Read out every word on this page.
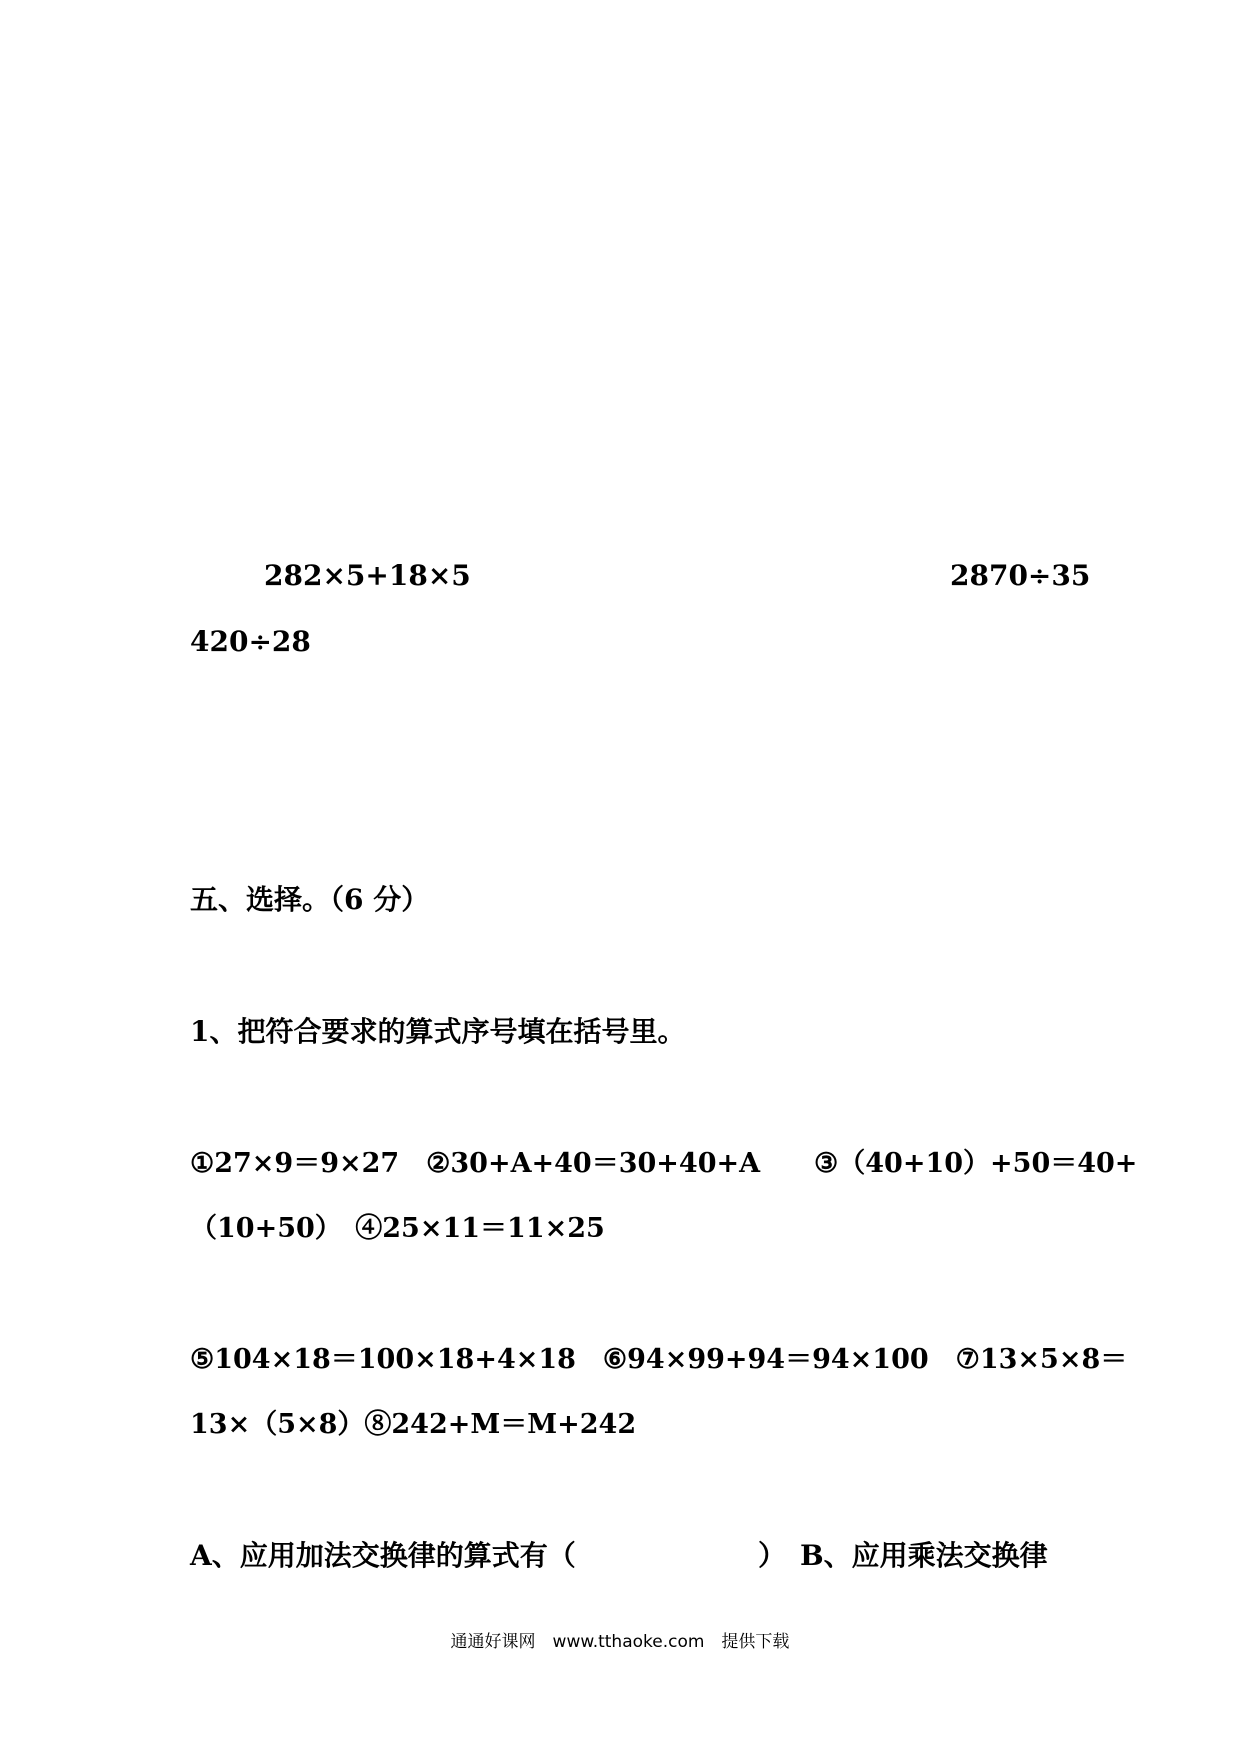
282×5+18×5	2870÷35
420÷28
五、选择。（6 分）
1、把符合要求的算式序号填在括号里。
①27×9＝9×27　②30+A+40＝30+40+A　　③（40+10）+50＝40+
（10+50）　④25×11＝11×25
⑤104×18＝100×18+4×18　⑥94×99+94＝94×100　⑦13×5×8＝
13×（5×8）⑧242+M＝M+242
A、应用加法交换律的算式有（	） B、应用乘法交换律
通通好课网　www.tthaoke.com　提供下载
